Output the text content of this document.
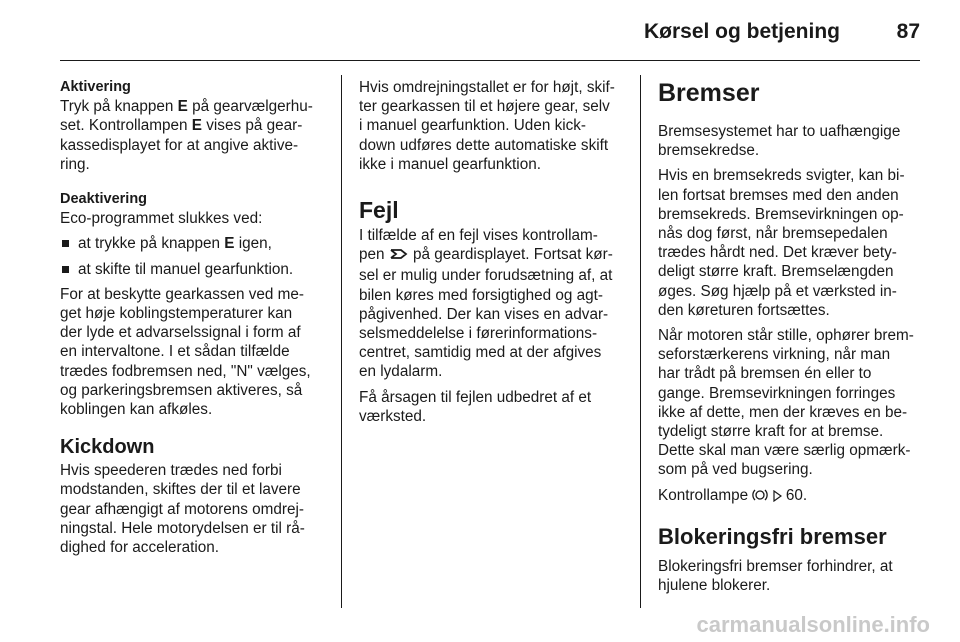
Kørsel og betjening	87
Aktivering

Tryk på knappen E på gearvælgerhu-
set. Kontrollampen E vises på gear-
kassedisplayet for at angive aktive-
ring.

Deaktivering

Eco-programmet slukkes ved:

at trykke på knappen E igen,
at skifte til manuel gearfunktion.

For at beskytte gearkassen ved me-
get høje koblingstemperaturer kan
der lyde et advarselssignal i form af
en intervaltone. I et sådan tilfælde
trædes fodbremsen ned, "N" vælges,
og parkeringsbremsen aktiveres, så
koblingen kan afkøles.

Kickdown

Hvis speederen trædes ned forbi
modstanden, skiftes der til et lavere
gear afhængigt af motorens omdrej-
ningstal. Hele motorydelsen er til rå-
dighed for acceleration.

Hvis omdrejningstallet er for højt, skif-
ter gearkassen til et højere gear, selv
i manuel gearfunktion. Uden kick-
down udføres dette automatiske skift
ikke i manuel gearfunktion.

Fejl

I tilfælde af en fejl vises kontrollam-
pen  på geardisplayet. Fortsat kør-
sel er mulig under forudsætning af, at
bilen køres med forsigtighed og agt-
pågivenhed. Der kan vises en advar-
selsmeddelelse i førerinformations-
centret, samtidig med at der afgives
en lydalarm.

Få årsagen til fejlen udbedret af et
værksted.

Bremser

Bremsesystemet har to uafhængige
bremsekredse.

Hvis en bremsekreds svigter, kan bi-
len fortsat bremses med den anden
bremsekreds. Bremsevirkningen op-
nås dog først, når bremsepedalen
trædes hårdt ned. Det kræver bety-
deligt større kraft. Bremselængden
øges. Søg hjælp på et værksted in-
den køreturen fortsættes.

Når motoren står stille, ophører brem-
seforstærkerens virkning, når man
har trådt på bremsen én eller to
gange. Bremsevirkningen forringes
ikke af dette, men der kræves en be-
tydeligt større kraft for at bremse.
Dette skal man være særlig opmærk-
som på ved bugsering.

Kontrollampe   60.

Blokeringsfri bremser

Blokeringsfri bremser forhindrer, at
hjulene blokerer.

carmanualsonline.info
